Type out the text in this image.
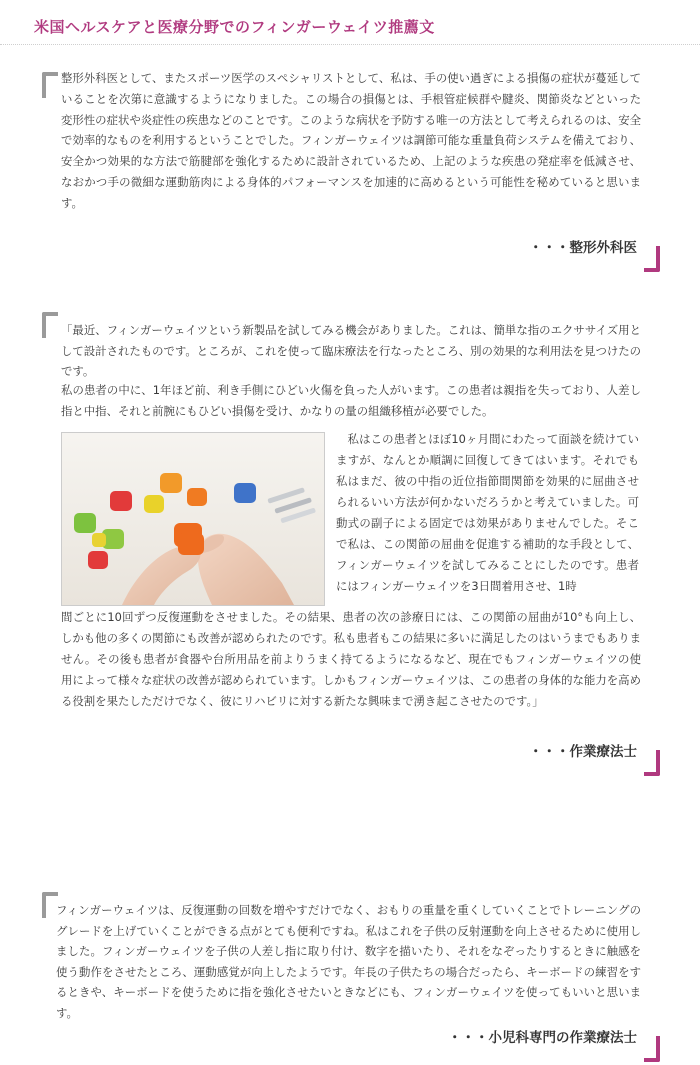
米国ヘルスケアと医療分野でのフィンガーウェイツ推薦文

整形外科医として、またスポーツ医学のスペシャリストとして、私は、手の使い過ぎによる損傷の症状が蔓延していることを次第に意識するようになりました。この場合の損傷とは、手根管症候群や腱炎、関節炎などといった変形性の症状や炎症性の疾患などのことです。このような病状を予防する唯一の方法として考えられるのは、安全で効率的なものを利用するということでした。フィンガーウェイツは調節可能な重量負荷システムを備えており、安全かつ効果的な方法で筋腱部を強化するために設計されているため、上記のような疾患の発症率を低減させ、なおかつ手の微細な運動筋肉による身体的パフォーマンスを加速的に高めるという可能性を秘めていると思います。

・・・整形外科医

「最近、フィンガーウェイツという新製品を試してみる機会がありました。これは、簡単な指のエクササイズ用として設計されたものです。ところが、これを使って臨床療法を行なったところ、別の効果的な利用法を見つけたのです。

私の患者の中に、1年ほど前、利き手側にひどい火傷を負った人がいます。この患者は親指を失っており、人差し指と中指、それと前腕にもひどい損傷を受け、かなりの量の組織移植が必要でした。

　私はこの患者とほぼ10ヶ月間にわたって面談を続けていますが、なんとか順調に回復してきてはいます。それでも私はまだ、彼の中指の近位指節間関節を効果的に屈曲させられるいい方法が何かないだろうかと考えていました。可動式の副子による固定では効果がありませんでした。そこで私は、この関節の屈曲を促進する補助的な手段として、フィンガーウェイツを試してみることにしたのです。患者にはフィンガーウェイツを3日間着用させ、1時

間ごとに10回ずつ反復運動をさせました。その結果、患者の次の診療日には、この関節の屈曲が10°も向上し、しかも他の多くの関節にも改善が認められたのです。私も患者もこの結果に多いに満足したのはいうまでもありません。その後も患者が食器や台所用品を前よりうまく持てるようになるなど、現在でもフィンガーウェイツの使用によって様々な症状の改善が認められています。しかもフィンガーウェイツは、この患者の身体的な能力を高める役割を果たしただけでなく、彼にリハビリに対する新たな興味まで湧き起こさせたのです。」

・・・作業療法士

フィンガーウェイツは、反復運動の回数を増やすだけでなく、おもりの重量を重くしていくことでトレーニングのグレードを上げていくことができる点がとても便利ですね。私はこれを子供の反射運動を向上させるために使用しました。フィンガーウェイツを子供の人差し指に取り付け、数字を描いたり、それをなぞったりするときに触感を使う動作をさせたところ、運動感覚が向上したようです。年長の子供たちの場合だったら、キーボードの練習をするときや、キーボードを使うために指を強化させたいときなどにも、フィンガーウェイツを使ってもいいと思います。

・・・小児科専門の作業療法士
